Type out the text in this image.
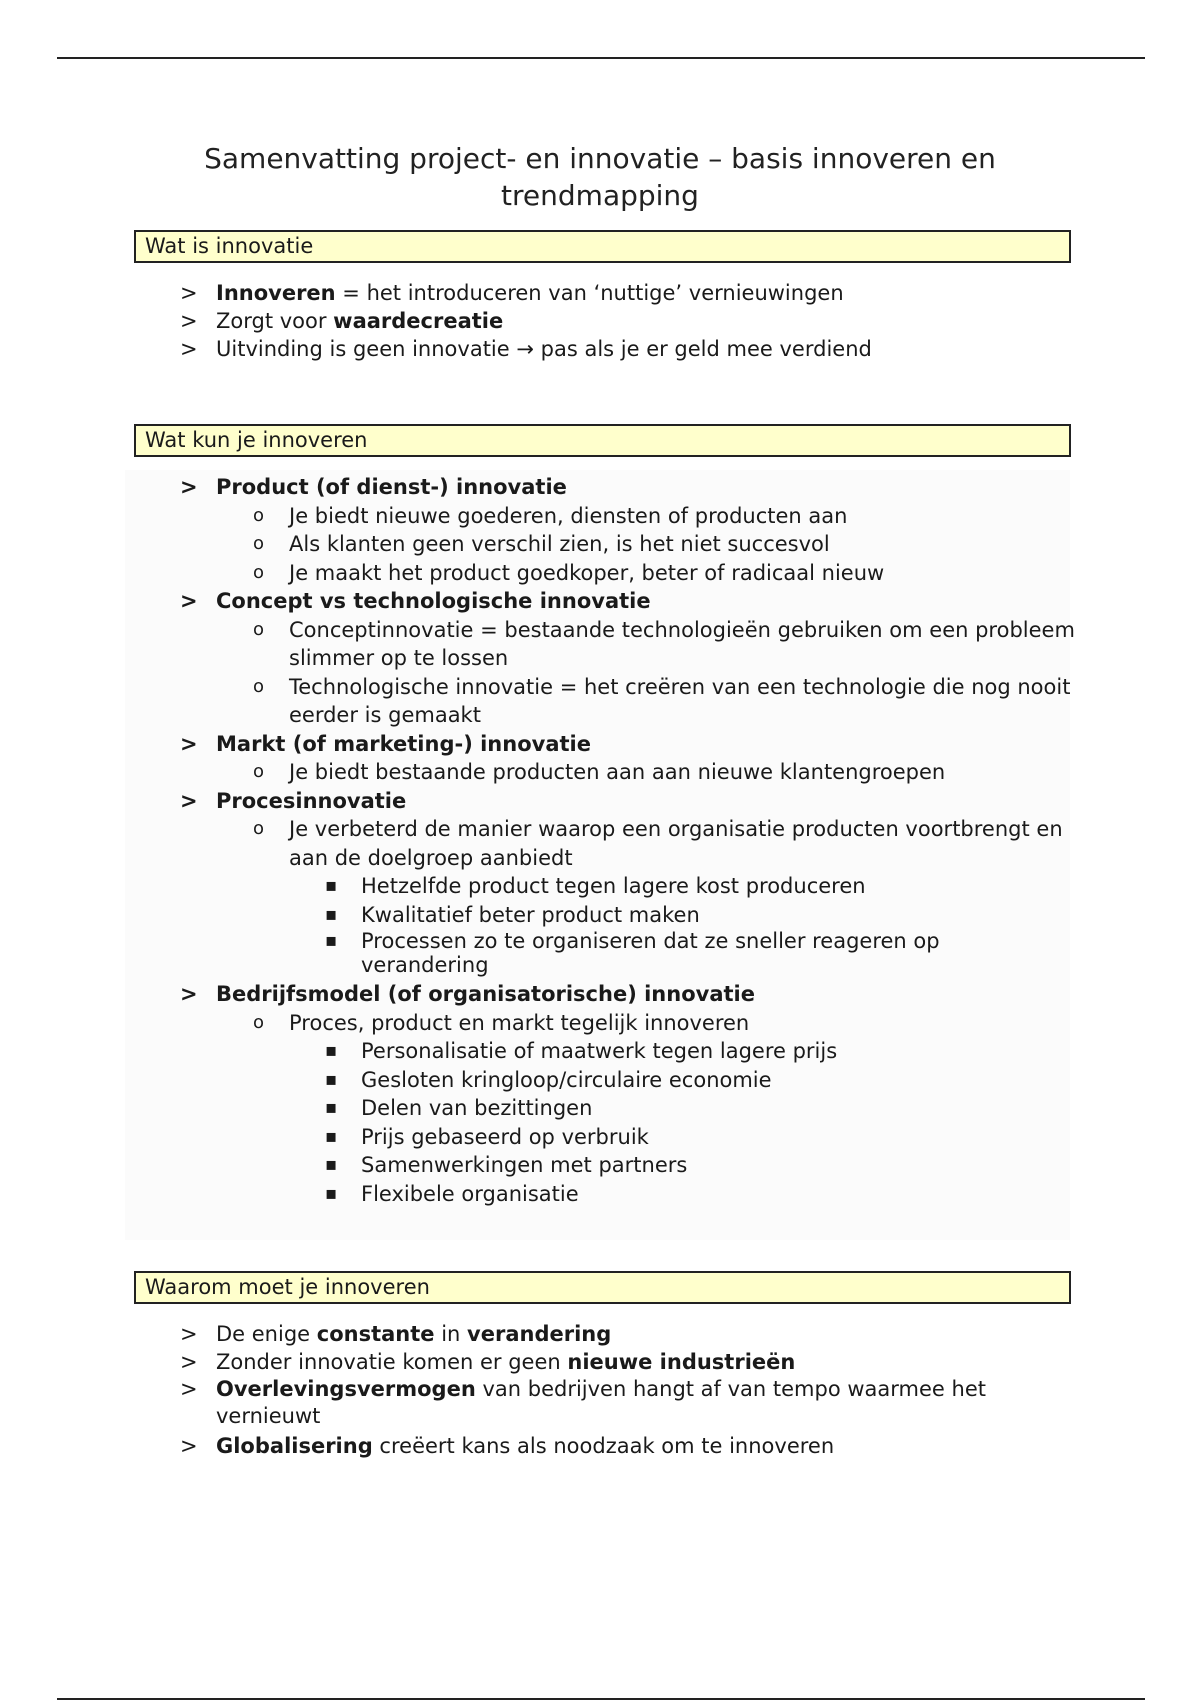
Samenvatting project- en innovatie – basis innoveren en trendmapping
Wat is innovatie
> Innoveren = het introduceren van ‘nuttige’ vernieuwingen
> Zorgt voor waardecreatie
> Uitvinding is geen innovatie → pas als je er geld mee verdiend
Wat kun je innoveren
> Product (of dienst-) innovatie
o	Je biedt nieuwe goederen, diensten of producten aan
o	Als klanten geen verschil zien, is het niet succesvol
o	Je maakt het product goedkoper, beter of radicaal nieuw
> Concept vs technologische innovatie
o	Conceptinnovatie = bestaande technologieën gebruiken om een probleem slimmer op te lossen
o	Technologische innovatie = het creëren van een technologie die nog nooit eerder is gemaakt
> Markt (of marketing-) innovatie
o	Je biedt bestaande producten aan aan nieuwe klantengroepen
> Procesinnovatie
o	Je verbeterd de manier waarop een organisatie producten voortbrengt en aan de doelgroep aanbiedt
▪	Hetzelfde product tegen lagere kost produceren
▪	Kwalitatief beter product maken
▪	Processen zo te organiseren dat ze sneller reageren op verandering
> Bedrijfsmodel (of organisatorische) innovatie
o	Proces, product en markt tegelijk innoveren
▪	Personalisatie of maatwerk tegen lagere prijs
▪	Gesloten kringloop/circulaire economie
▪	Delen van bezittingen
▪	Prijs gebaseerd op verbruik
▪	Samenwerkingen met partners
▪	Flexibele organisatie
Waarom moet je innoveren
> De enige constante in verandering
> Zonder innovatie komen er geen nieuwe industrieën
> Overlevingsvermogen van bedrijven hangt af van tempo waarmee het vernieuwt
> Globalisering creëert kans als noodzaak om te innoveren
